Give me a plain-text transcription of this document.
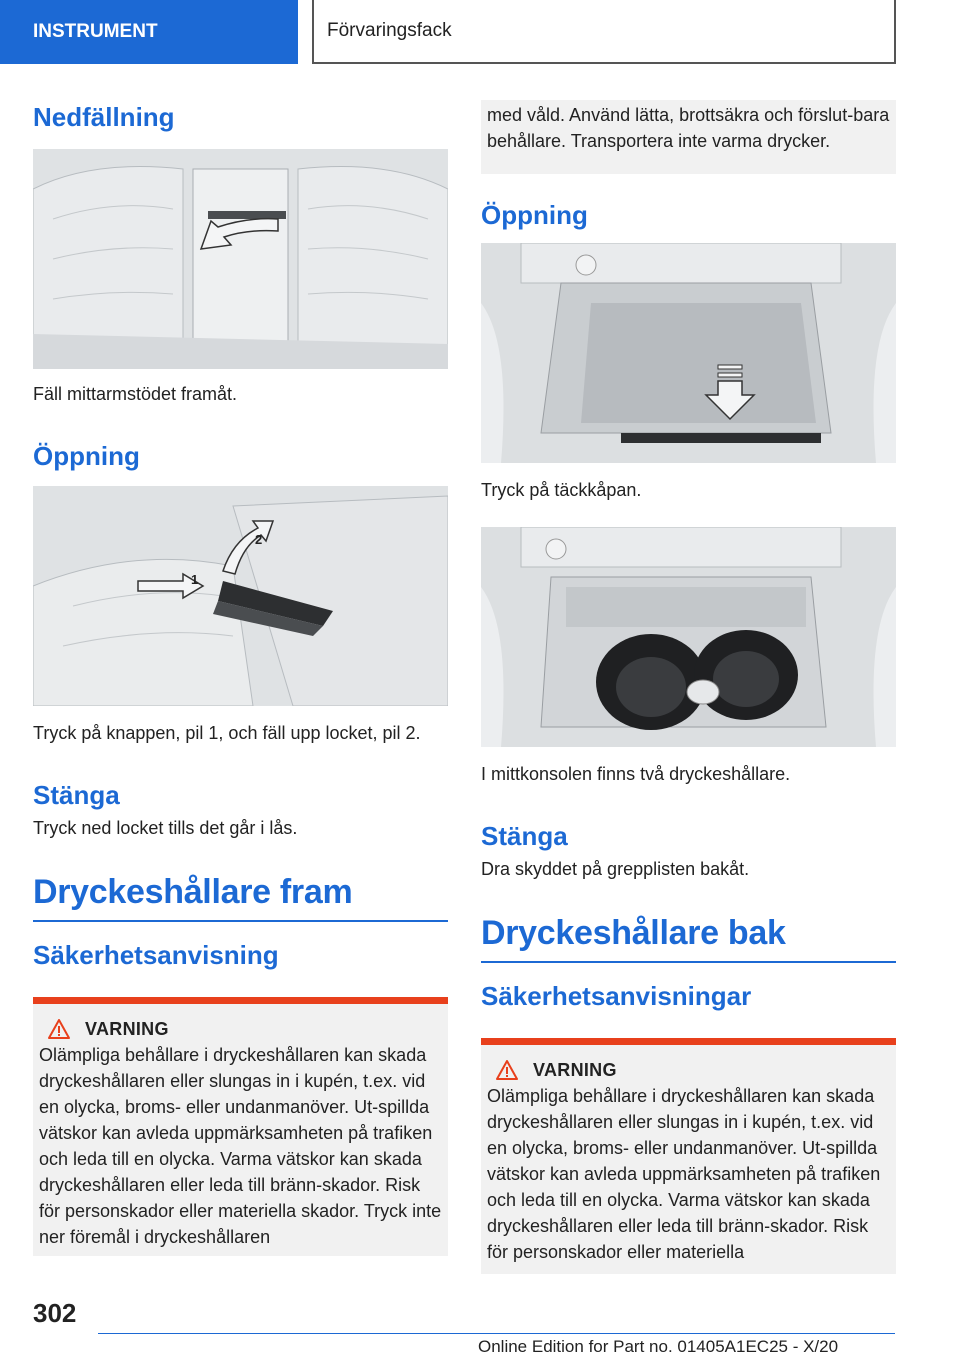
INSTRUMENT	Förvaringsfack
Nedfällning

Fäll mittarmstödet framåt.

Öppning
1
2

Tryck på knappen, pil 1, och fäll upp locket, pil 2.

Stänga

Tryck ned locket tills det går i lås.

Dryckeshållare fram
Säkerhetsanvisning
VARNING

Olämpliga behållare i dryckeshållaren kan skada dryckeshållaren eller slungas in i kupén, t.ex. vid en olycka, broms- eller undanmanöver. Ut-spillda vätskor kan avleda uppmärksamheten på trafiken och leda till en olycka. Varma vätskor kan skada dryckeshållaren eller leda till bränn-skador. Risk för personskador eller materiella skador. Tryck inte ner föremål i dryckeshållaren

med våld. Använd lätta, brottsäkra och förslut-bara behållare. Transportera inte varma drycker.

Öppning

Tryck på täckkåpan.

I mittkonsolen finns två dryckeshållare.

Stänga

Dra skyddet på grepplisten bakåt.

Dryckeshållare bak
Säkerhetsanvisningar
VARNING

Olämpliga behållare i dryckeshållaren kan skada dryckeshållaren eller slungas in i kupén, t.ex. vid en olycka, broms- eller undanmanöver. Ut-spillda vätskor kan avleda uppmärksamheten på trafiken och leda till en olycka. Varma vätskor kan skada dryckeshållaren eller leda till bränn-skador. Risk för personskador eller materiella

302
Online Edition for Part no. 01405A1EC25 - X/20
